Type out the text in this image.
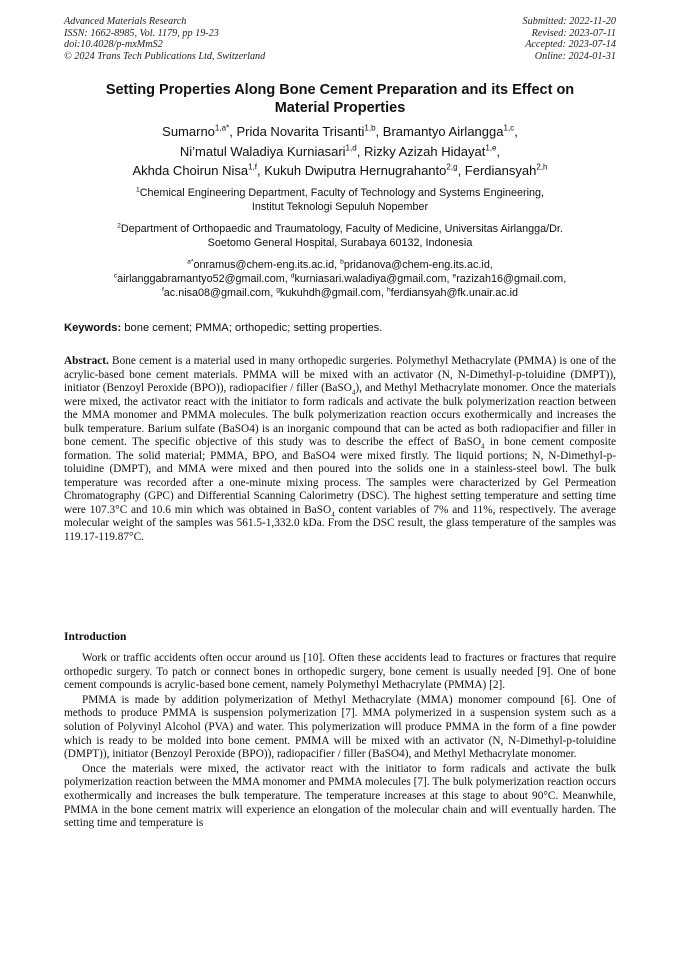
Advanced Materials Research
ISSN: 1662-8985, Vol. 1179, pp 19-23
doi:10.4028/p-mxMmS2
© 2024 Trans Tech Publications Ltd, Switzerland
Submitted: 2022-11-20
Revised: 2023-07-11
Accepted: 2023-07-14
Online: 2024-01-31
Setting Properties Along Bone Cement Preparation and its Effect on
Material Properties
Sumarno$^{1,a*}$, Prida Novarita Trisanti$^{1,b}$, Bramantyo Airlangga$^{1,c}$,
Ni’matul Waladiya Kurniasari$^{1,d}$, Rizky Azizah Hidayat$^{1,e}$,
Akhda Choirun Nisa$^{1,f}$, Kukuh Dwiputra Hernugrahanto$^{2,g}$, Ferdiansyah$^{2,h}$
$^1$Chemical Engineering Department, Faculty of Technology and Systems Engineering,
Institut Teknologi Sepuluh Nopember
$^2$Department of Orthopaedic and Traumatology, Faculty of Medicine, Universitas Airlangga/Dr.
Soetomo General Hospital, Surabaya 60132, Indonesia
$^{a*}$onramus@chem-eng.its.ac.id, $^b$pridanova@chem-eng.its.ac.id,
$^c$airlanggabramantyo52@gmail.com, $^d$kurniasari.waladiya@gmail.com, $^e$razizah16@gmail.com,
$^f$ac.nisa08@gmail.com, $^g$kukuhdh@gmail.com, $^h$ferdiansyah@fk.unair.ac.id
Keywords: bone cement; PMMA; orthopedic; setting properties.
Abstract. Bone cement is a material used in many orthopedic surgeries. Polymethyl Methacrylate (PMMA) is one of the acrylic-based bone cement materials. PMMA will be mixed with an activator (N, N-Dimethyl-p-toluidine (DMPT)), initiator (Benzoyl Peroxide (BPO)), radiopacifier / filler (BaSO$_4$), and Methyl Methacrylate monomer. Once the materials were mixed, the activator react with the initiator to form radicals and activate the bulk polymerization reaction between the MMA monomer and PMMA molecules. The bulk polymerization reaction occurs exothermically and increases the bulk temperature. Barium sulfate (BaSO4) is an inorganic compound that can be acted as both radiopacifier and filler in bone cement. The specific objective of this study was to describe the effect of BaSO$_4$ in bone cement composite formation. The solid material; PMMA, BPO, and BaSO4 were mixed firstly. The liquid portions; N, N-Dimethyl-p-toluidine (DMPT), and MMA were mixed and then poured into the solids one in a stainless-steel bowl. The bulk temperature was recorded after a one-minute mixing process. The samples were characterized by Gel Permeation Chromatography (GPC) and Differential Scanning Calorimetry (DSC). The highest setting temperature and setting time were 107.3°C and 10.6 min which was obtained in BaSO$_4$ content variables of 7% and 11%, respectively. The average molecular weight of the samples was 561.5-1,332.0 kDa. From the DSC result, the glass temperature of the samples was 119.17-119.87°C.
Introduction

Work or traffic accidents often occur around us [10]. Often these accidents lead to fractures or fractures that require orthopedic surgery. To patch or connect bones in orthopedic surgery, bone cement is usually needed [9]. One of bone cement compounds is acrylic-based bone cement, namely Polymethyl Methacrylate (PMMA) [2].

PMMA is made by addition polymerization of Methyl Methacrylate (MMA) monomer compound [6]. One of methods to produce PMMA is suspension polymerization [7]. MMA polymerized in a suspension system such as a solution of Polyvinyl Alcohol (PVA) and water. This polymerization will produce PMMA in the form of a fine powder which is ready to be molded into bone cement. PMMA will be mixed with an activator (N, N-Dimethyl-p-toluidine (DMPT)), initiator (Benzoyl Peroxide (BPO)), radiopacifier / filler (BaSO4), and Methyl Methacrylate monomer.

Once the materials were mixed, the activator react with the initiator to form radicals and activate the bulk polymerization reaction between the MMA monomer and PMMA molecules [7]. The bulk polymerization reaction occurs exothermically and increases the bulk temperature. The temperature increases at this stage to about 90°C. Meanwhile, PMMA in the bone cement matrix will experience an elongation of the molecular chain and will eventually harden. The setting time and temperature is
